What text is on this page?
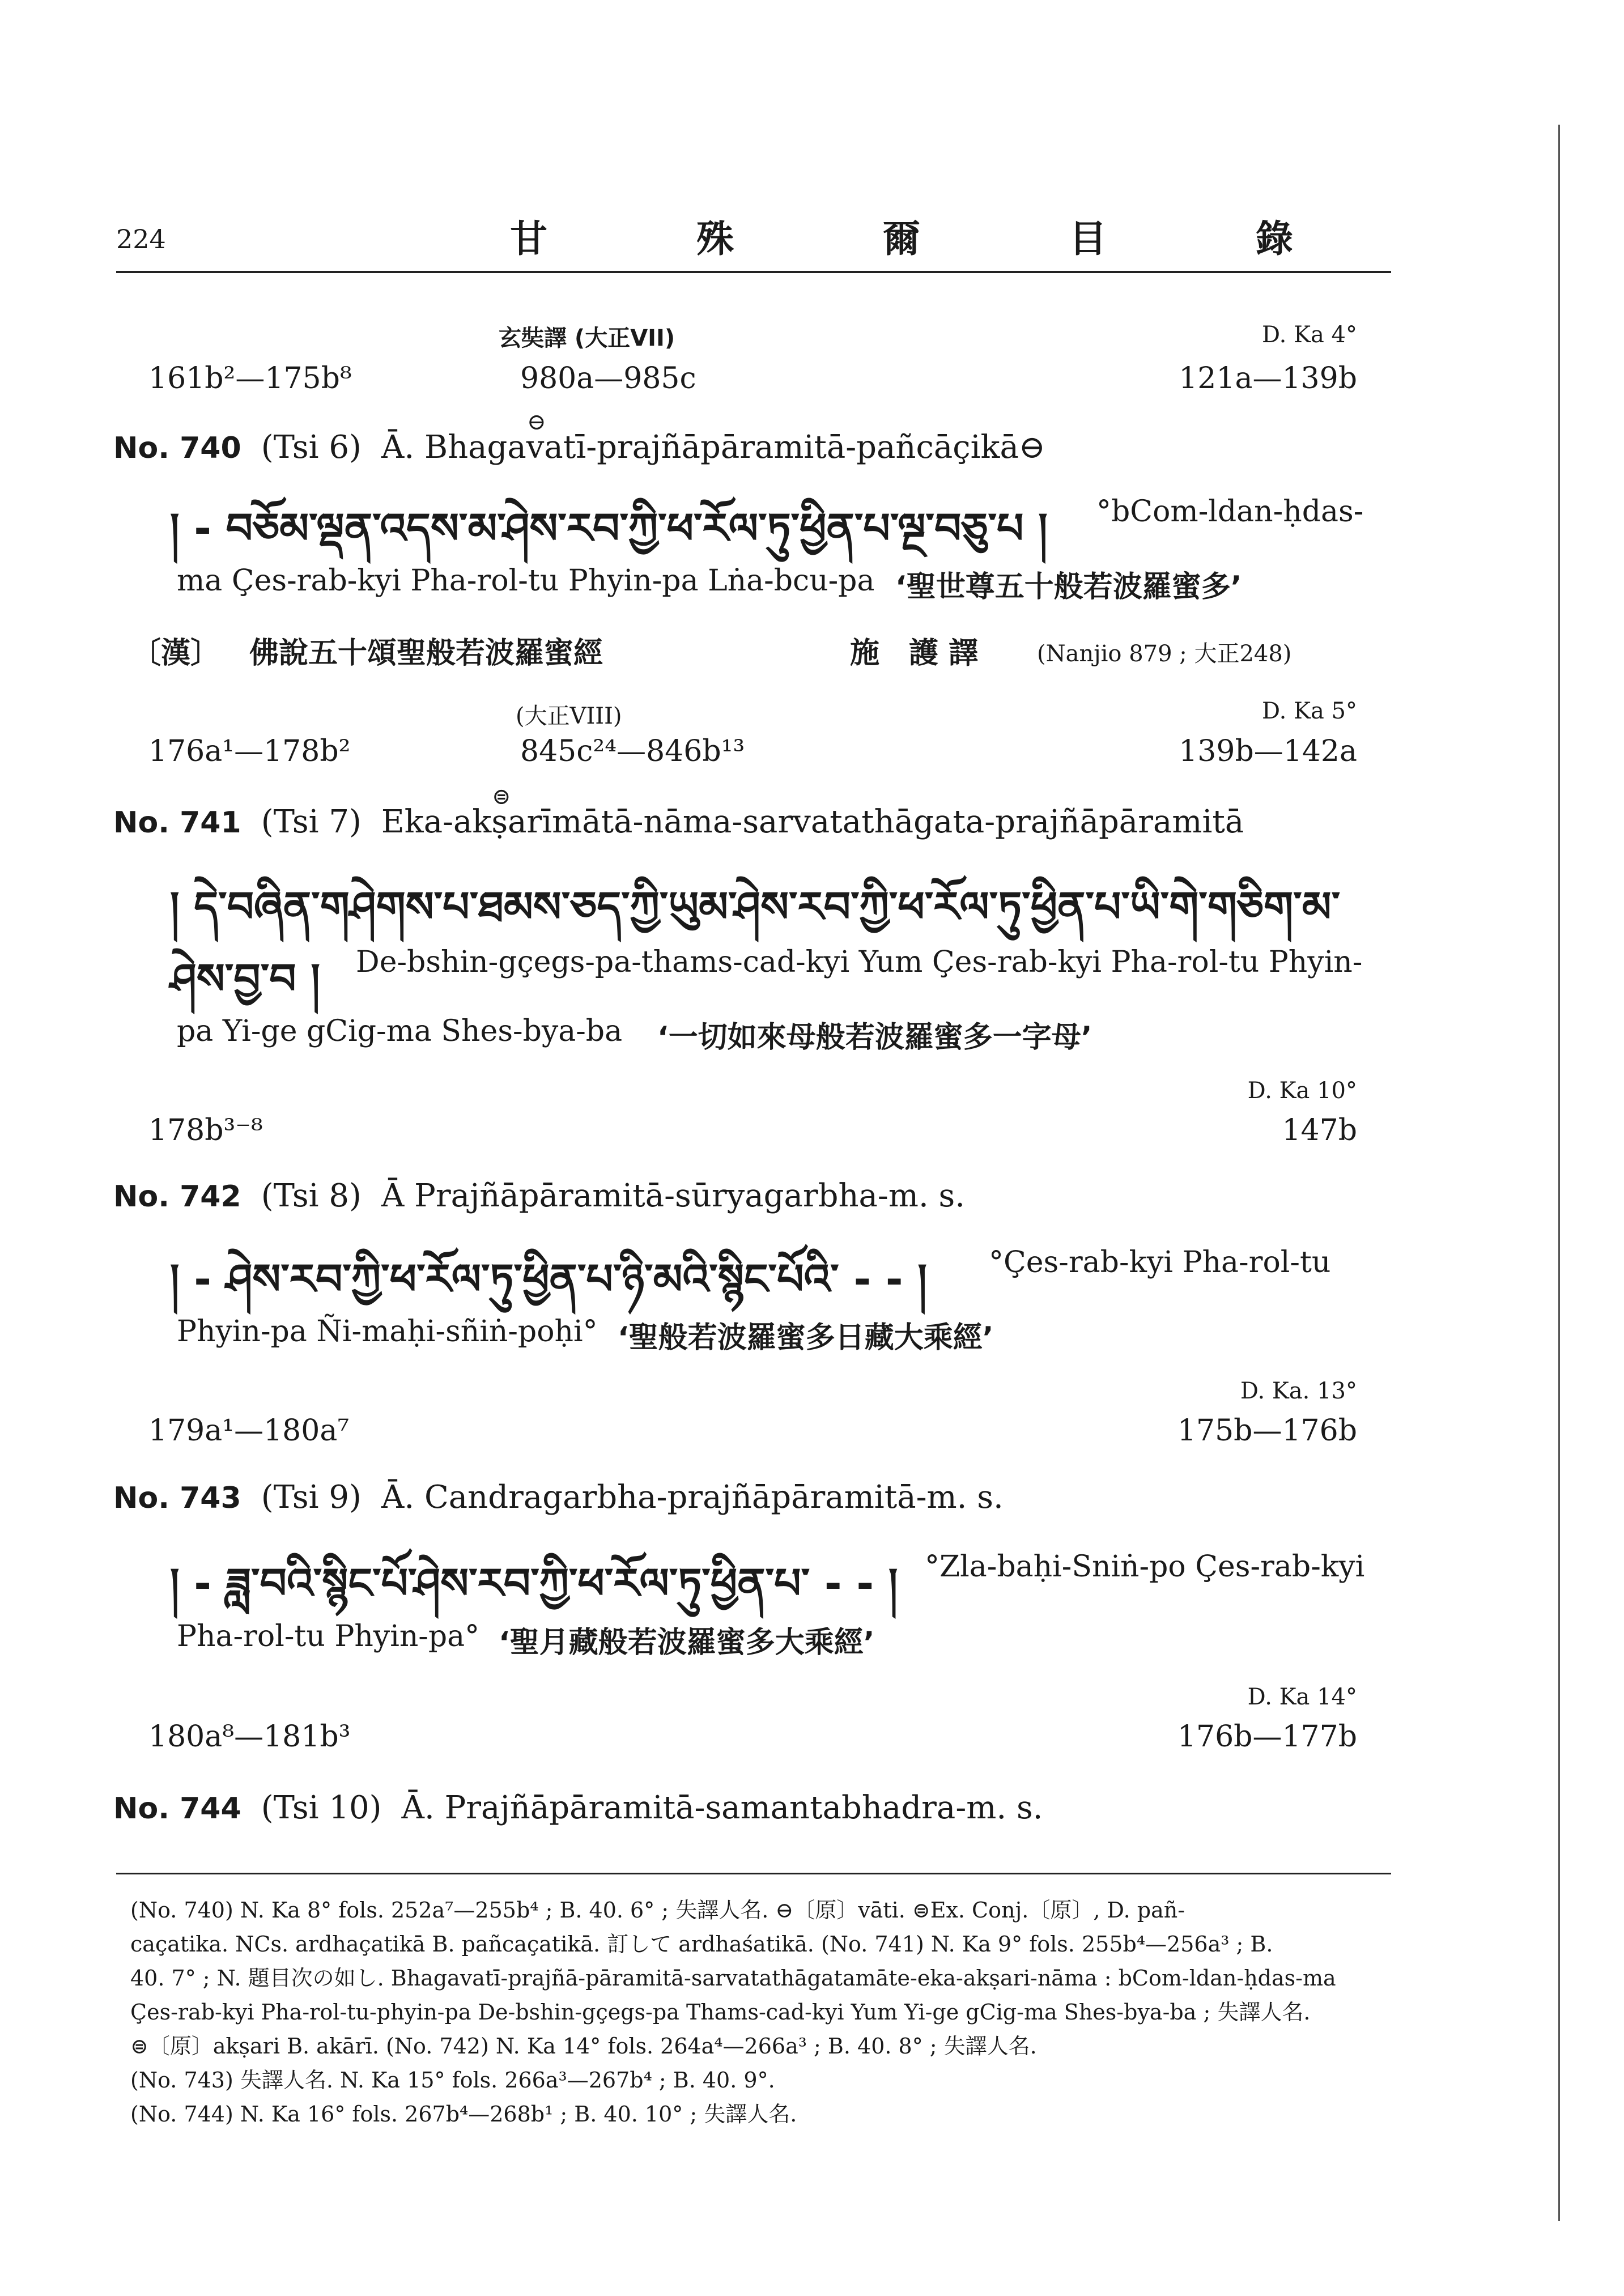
224	甘 殊 爾 目 錄
玄奘譯 (大正VII)	D. Ka 4°
161b²—175b⁸	980a—985c	121a—139b
⊖
No. 740 (Tsi 6) Ā. Bhagavatī-prajñāpāramitā-pañcāçikā⊖
། - བཅོམ་ལྡན་འདས་མ་ཤེས་རབ་ཀྱི་ཕ་རོལ་ཏུ་ཕྱིན་པ་ལྔ་བཅུ་པ །	°bCom-ldan-ḥdas-
ma Çes-rab-kyi Pha-rol-tu Phyin-pa Lṅa-bcu-pa ‘聖世尊五十般若波羅蜜多’
〔漢〕 佛說五十頌聖般若波羅蜜經	施　護 譯	(Nanjio 879 ; 大正248)
(大正VIII)	D. Ka 5°
176a¹—178b²	845c²⁴—846b¹³	139b—142a
⊜
No. 741 (Tsi 7) Eka-akṣarīmātā-nāma-sarvatathāgata-prajñāpāramitā
། དེ་བཞིན་གཤེགས་པ་ཐམས་ཅད་ཀྱི་ཡུམ་ཤེས་རབ་ཀྱི་ཕ་རོལ་ཏུ་ཕྱིན་པ་ཡི་གེ་གཅིག་མ་
ཤེས་བྱ་བ ། De-bshin-gçegs-pa-thams-cad-kyi Yum Çes-rab-kyi Pha-rol-tu Phyin-
pa Yi-ge gCig-ma Shes-bya-ba ‘一切如來母般若波羅蜜多一字母’
D. Ka 10°
178b³⁻⁸	147b
No. 742 (Tsi 8) Ā Prajñāpāramitā-sūryagarbha-m. s.
། - ཤེས་རབ་ཀྱི་ཕ་རོལ་ཏུ་ཕྱིན་པ་ཉི་མའི་སྙིང་པོའི་ - - །	°Çes-rab-kyi Pha-rol-tu
Phyin-pa Ñi-maḥi-sñiṅ-poḥi° ‘聖般若波羅蜜多日藏大乘經’
D. Ka. 13°
179a¹—180a⁷	175b—176b
No. 743 (Tsi 9) Ā. Candragarbha-prajñāpāramitā-m. s.
། - ཟླ་བའི་སྙིང་པོ་ཤེས་རབ་ཀྱི་ཕ་རོལ་ཏུ་ཕྱིན་པ་ - - ། °Zla-baḥi-Sniṅ-po Çes-rab-kyi
Pha-rol-tu Phyin-pa° ‘聖月藏般若波羅蜜多大乘經’
D. Ka 14°
180a⁸—181b³	176b—177b
No. 744 (Tsi 10) Ā. Prajñāpāramitā-samantabhadra-m. s.
(No. 740) N. Ka 8° fols. 252a⁷—255b⁴ ; B. 40. 6° ; 失譯人名. ⊖〔原〕vāti. ⊜Ex. Conj.〔原〕, D. pañ-
caçatika. NCs. ardhaçatikā B. pañcaçatikā. 訂して ardhaśatikā. (No. 741) N. Ka 9° fols. 255b⁴—256a³ ; B.
40. 7° ; N. 題目次の如し. Bhagavatī-prajñā-pāramitā-sarvatathāgatamāte-eka-akṣari-nāma : bCom-ldan-ḥdas-ma
Çes-rab-kyi Pha-rol-tu-phyin-pa De-bshin-gçegs-pa Thams-cad-kyi Yum Yi-ge gCig-ma Shes-bya-ba ; 失譯人名.
⊜〔原〕akṣari B. akārī. (No. 742) N. Ka 14° fols. 264a⁴—266a³ ; B. 40. 8° ; 失譯人名.
(No. 743) 失譯人名. N. Ka 15° fols. 266a³—267b⁴ ; B. 40. 9°.
(No. 744) N. Ka 16° fols. 267b⁴—268b¹ ; B. 40. 10° ; 失譯人名.
